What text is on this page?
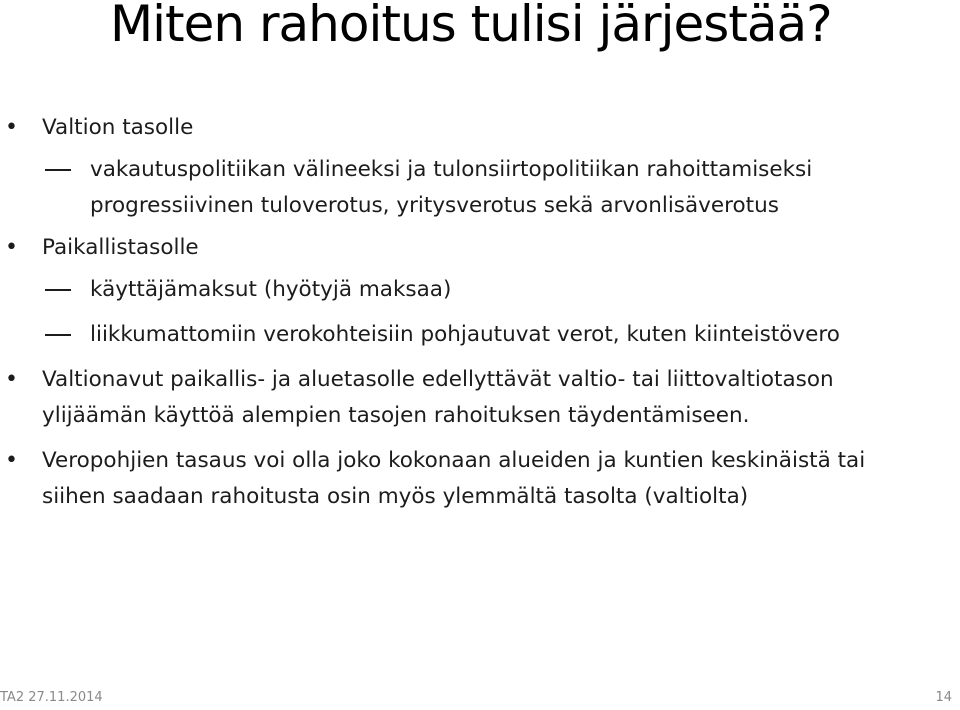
Miten rahoitus tulisi järjestää?
• Valtion tasolle
vakautuspolitiikan välineeksi ja tulonsiirtopolitiikan rahoittamiseksi progressiivinen tuloverotus, yritysverotus sekä arvonlisäverotus
• Paikallistasolle
käyttäjämaksut (hyötyjä maksaa)
liikkumattomiin verokohteisiin pohjautuvat verot, kuten kiinteistövero
• Valtionavut paikallis- ja aluetasolle edellyttävät valtio- tai liittovaltiotason ylijäämän käyttöä alempien tasojen rahoituksen täydentämiseen.
• Veropohjien tasaus voi olla joko kokonaan alueiden ja kuntien keskinäistä tai siihen saadaan rahoitusta osin myös ylemmältä tasolta (valtiolta)
TA2 27.11.2014	14
